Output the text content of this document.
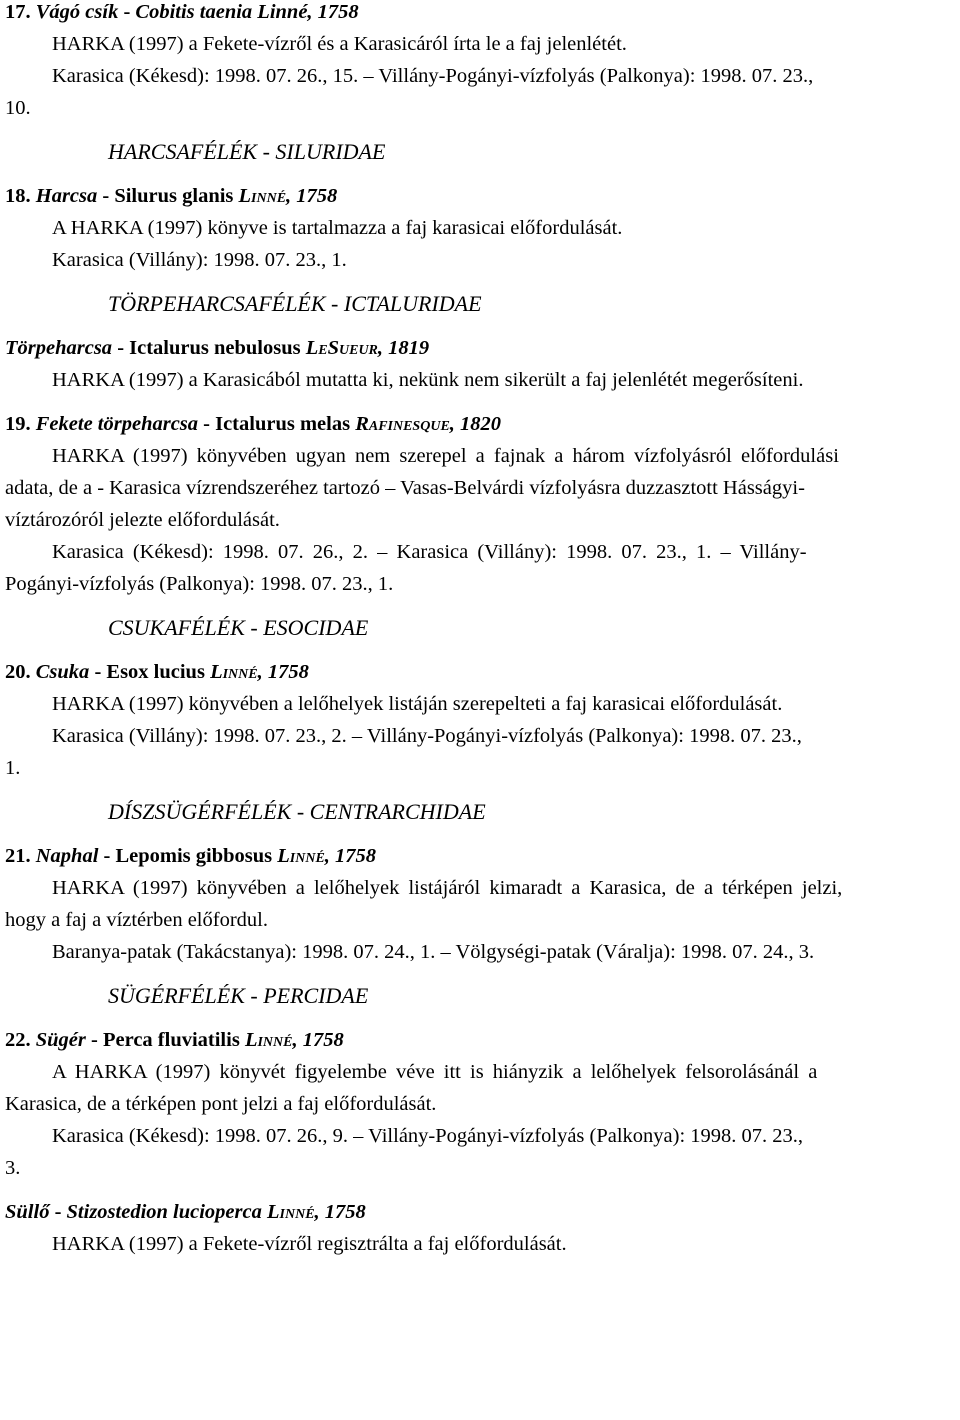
17. Vágó csík - Cobitis taenia Linné, 1758
HARKA (1997) a Fekete-vízről és a Karasicáról írta le a faj jelenlétét.
Karasica (Kékesd): 1998. 07. 26., 15. – Villány-Pogányi-vízfolyás (Palkonya): 1998. 07. 23.,
10.
HARCSAFÉLÉK - SILURIDAE
18. Harcsa - Silurus glanis Linné, 1758
A HARKA (1997) könyve is tartalmazza a faj karasicai előfordulását.
Karasica (Villány): 1998. 07. 23., 1.
TÖRPEHARCSAFÉLÉK - ICTALURIDAE
Törpeharcsa - Ictalurus nebulosus LeSueur, 1819
HARKA (1997) a Karasicából mutatta ki, nekünk nem sikerült a faj jelenlétét megerősíteni.
19. Fekete törpeharcsa - Ictalurus melas Rafinesque, 1820
HARKA (1997) könyvében ugyan nem szerepel a fajnak a három vízfolyásról előfordulási
adata, de a - Karasica vízrendszeréhez tartozó – Vasas-Belvárdi vízfolyásra duzzasztott Hásságyi-
víztározóról jelezte előfordulását.
Karasica (Kékesd): 1998. 07. 26., 2. – Karasica (Villány): 1998. 07. 23., 1. – Villány-
Pogányi-vízfolyás (Palkonya): 1998. 07. 23., 1.
CSUKAFÉLÉK - ESOCIDAE
20. Csuka - Esox lucius Linné, 1758
HARKA (1997) könyvében a lelőhelyek listáján szerepelteti a faj karasicai előfordulását.
Karasica (Villány): 1998. 07. 23., 2. – Villány-Pogányi-vízfolyás (Palkonya): 1998. 07. 23.,
1.
DÍSZSÜGÉRFÉLÉK - CENTRARCHIDAE
21. Naphal - Lepomis gibbosus Linné, 1758
HARKA (1997) könyvében a lelőhelyek listájáról kimaradt a Karasica, de a térképen jelzi,
hogy a faj a víztérben előfordul.
Baranya-patak (Takácstanya): 1998. 07. 24., 1. – Völgységi-patak (Váralja): 1998. 07. 24., 3.
SÜGÉRFÉLÉK - PERCIDAE
22. Sügér - Perca fluviatilis Linné, 1758
A HARKA (1997) könyvét figyelembe véve itt is hiányzik a lelőhelyek felsorolásánál a
Karasica, de a térképen pont jelzi a faj előfordulását.
Karasica (Kékesd): 1998. 07. 26., 9. – Villány-Pogányi-vízfolyás (Palkonya): 1998. 07. 23.,
3.
Süllő - Stizostedion lucioperca Linné, 1758
HARKA (1997) a Fekete-vízről regisztrálta a faj előfordulását.
